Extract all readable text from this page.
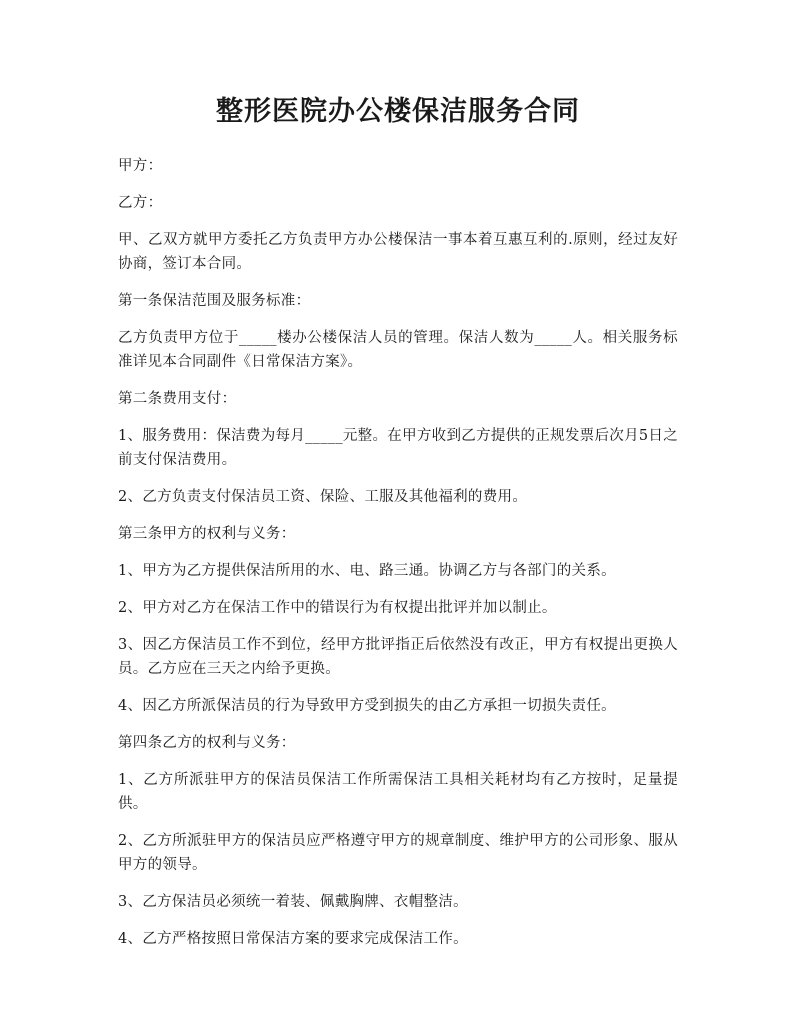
整形医院办公楼保洁服务合同

甲方：

乙方：

甲、乙双方就甲方委托乙方负责甲方办公楼保洁一事本着互惠互利的.原则，经过友好协商，签订本合同。

第一条保洁范围及服务标准：

乙方负责甲方位于_____楼办公楼保洁人员的管理。保洁人数为_____人。相关服务标准详见本合同副件《日常保洁方案》。

第二条费用支付：

1、服务费用：保洁费为每月_____元整。在甲方收到乙方提供的正规发票后次月5日之前支付保洁费用。

2、乙方负责支付保洁员工资、保险、工服及其他福利的费用。

第三条甲方的权利与义务：

1、甲方为乙方提供保洁所用的水、电、路三通。协调乙方与各部门的关系。

2、甲方对乙方在保洁工作中的错误行为有权提出批评并加以制止。

3、因乙方保洁员工作不到位，经甲方批评指正后依然没有改正，甲方有权提出更换人员。乙方应在三天之内给予更换。

4、因乙方所派保洁员的行为导致甲方受到损失的由乙方承担一切损失责任。

第四条乙方的权利与义务：

1、乙方所派驻甲方的保洁员保洁工作所需保洁工具相关耗材均有乙方按时，足量提供。

2、乙方所派驻甲方的保洁员应严格遵守甲方的规章制度、维护甲方的公司形象、服从甲方的领导。

3、乙方保洁员必须统一着装、佩戴胸牌、衣帽整洁。

4、乙方严格按照日常保洁方案的要求完成保洁工作。
